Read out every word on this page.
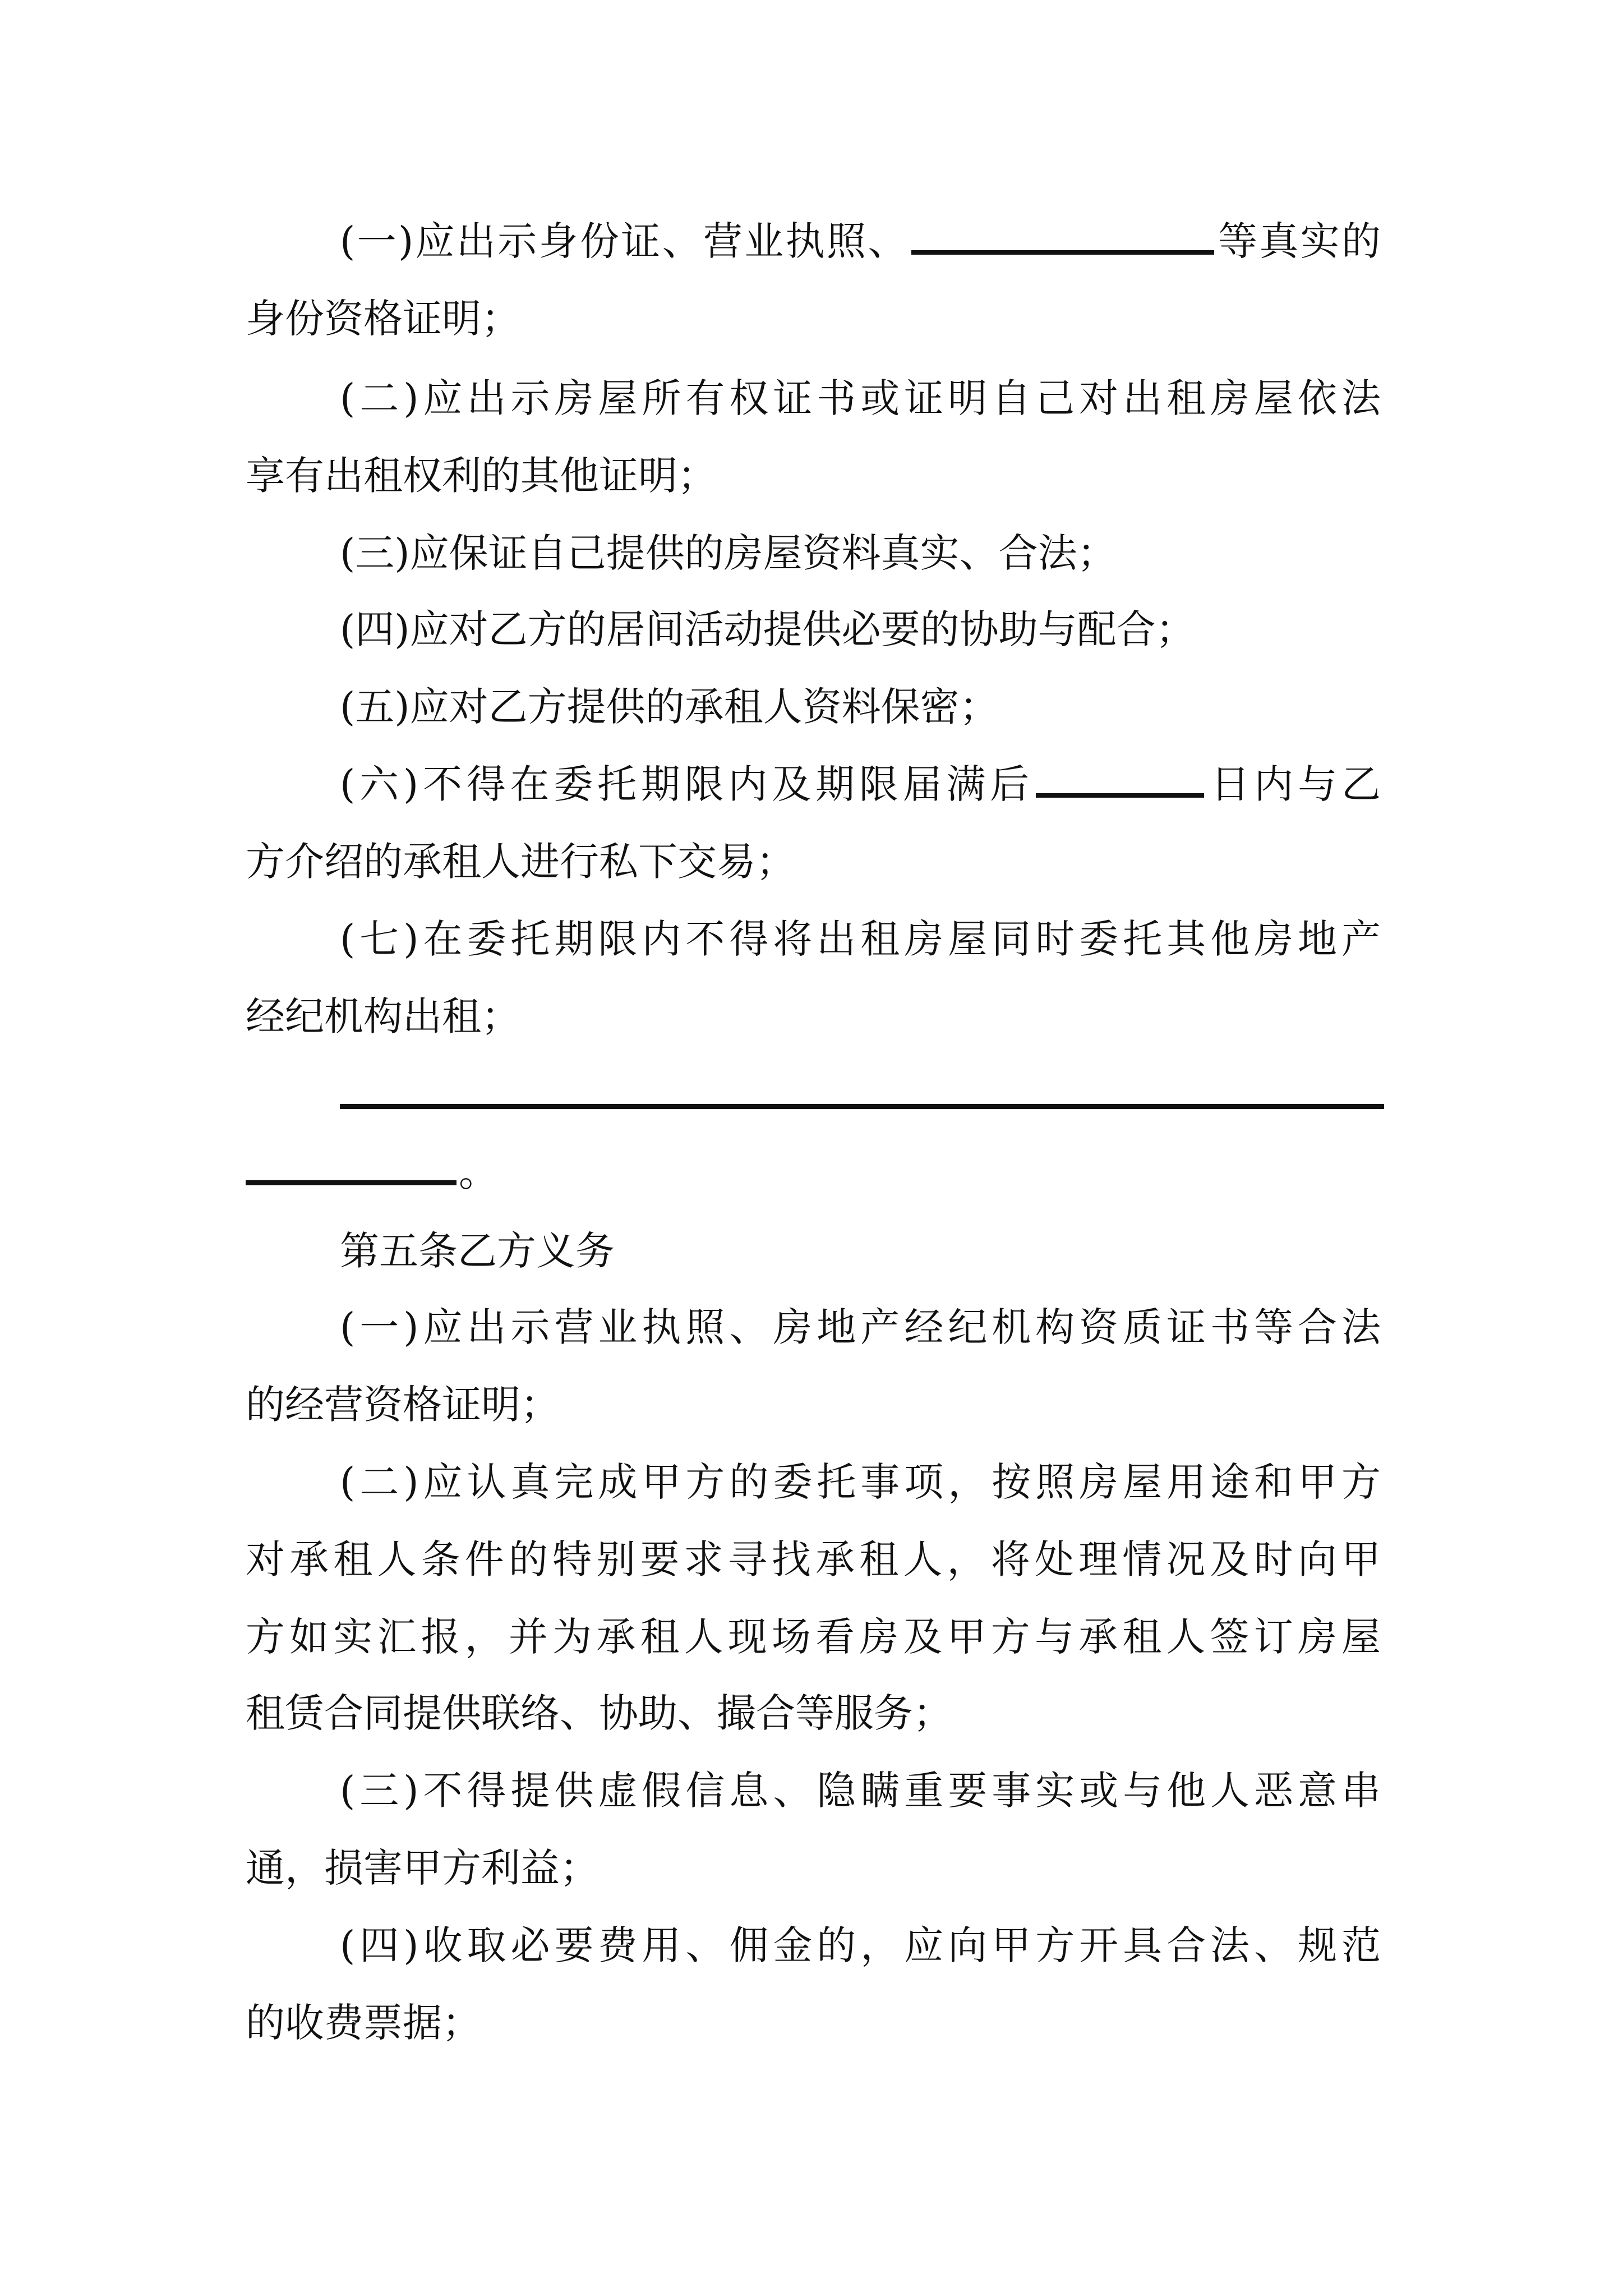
(一)应出示身份证、营业执照、	等真实的
身份资格证明；
(二)应出示房屋所有权证书或证明自己对出租房屋依法
享有出租权利的其他证明；
(三)应保证自己提供的房屋资料真实、合法；
(四)应对乙方的居间活动提供必要的协助与配合；
(五)应对乙方提供的承租人资料保密；
(六)不得在委托期限内及期限届满后	日内与乙
方介绍的承租人进行私下交易；
(七)在委托期限内不得将出租房屋同时委托其他房地产
经纪机构出租；
。
第五条乙方义务
(一)应出示营业执照、房地产经纪机构资质证书等合法
的经营资格证明；
(二)应认真完成甲方的委托事项，按照房屋用途和甲方
对承租人条件的特别要求寻找承租人，将处理情况及时向甲
方如实汇报，并为承租人现场看房及甲方与承租人签订房屋
租赁合同提供联络、协助、撮合等服务；
(三)不得提供虚假信息、隐瞒重要事实或与他人恶意串
通，损害甲方利益；
(四)收取必要费用、佣金的，应向甲方开具合法、规范
的收费票据；
